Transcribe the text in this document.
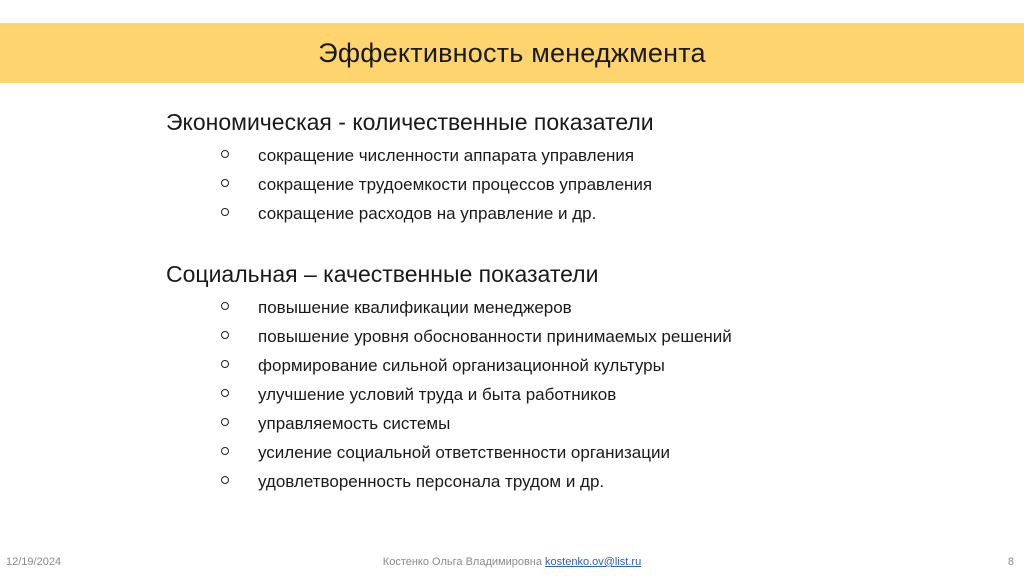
Эффективность менеджмента
Экономическая - количественные показатели
сокращение численности аппарата управления
сокращение трудоемкости процессов управления
сокращение расходов на управление и др.
Социальная – качественные показатели
повышение квалификации менеджеров
повышение уровня обоснованности принимаемых решений
формирование сильной организационной культуры
улучшение условий труда и быта работников
управляемость системы
усиление социальной ответственности организации
удовлетворенность персонала трудом и др.
12/19/2024	Костенко Ольга Владимировна kostenko.ov@list.ru	8
